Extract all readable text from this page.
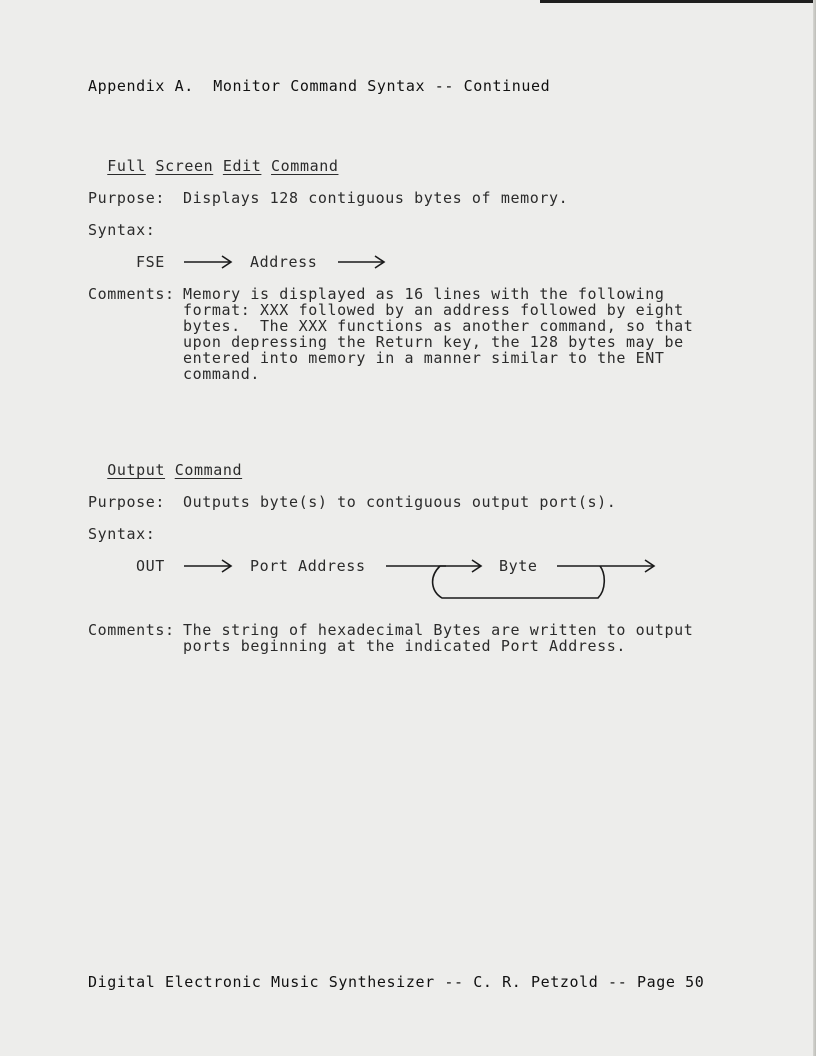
Appendix A.  Monitor Command Syntax -- Continued

Full Screen Edit Command

Purpose: Displays 128 contiguous bytes of memory.
Syntax:
FSE	Address
Comments: Memory is displayed as 16 lines with the following
format: XXX followed by an address followed by eight
bytes.  The XXX functions as another command, so that
upon depressing the Return key, the 128 bytes may be
entered into memory in a manner similar to the ENT
command.

Output Command

Purpose: Outputs byte(s) to contiguous output port(s).
Syntax:
OUT	Port Address	Byte
Comments: The string of hexadecimal Bytes are written to output
ports beginning at the indicated Port Address.
Digital Electronic Music Synthesizer -- C. R. Petzold -- Page 50
